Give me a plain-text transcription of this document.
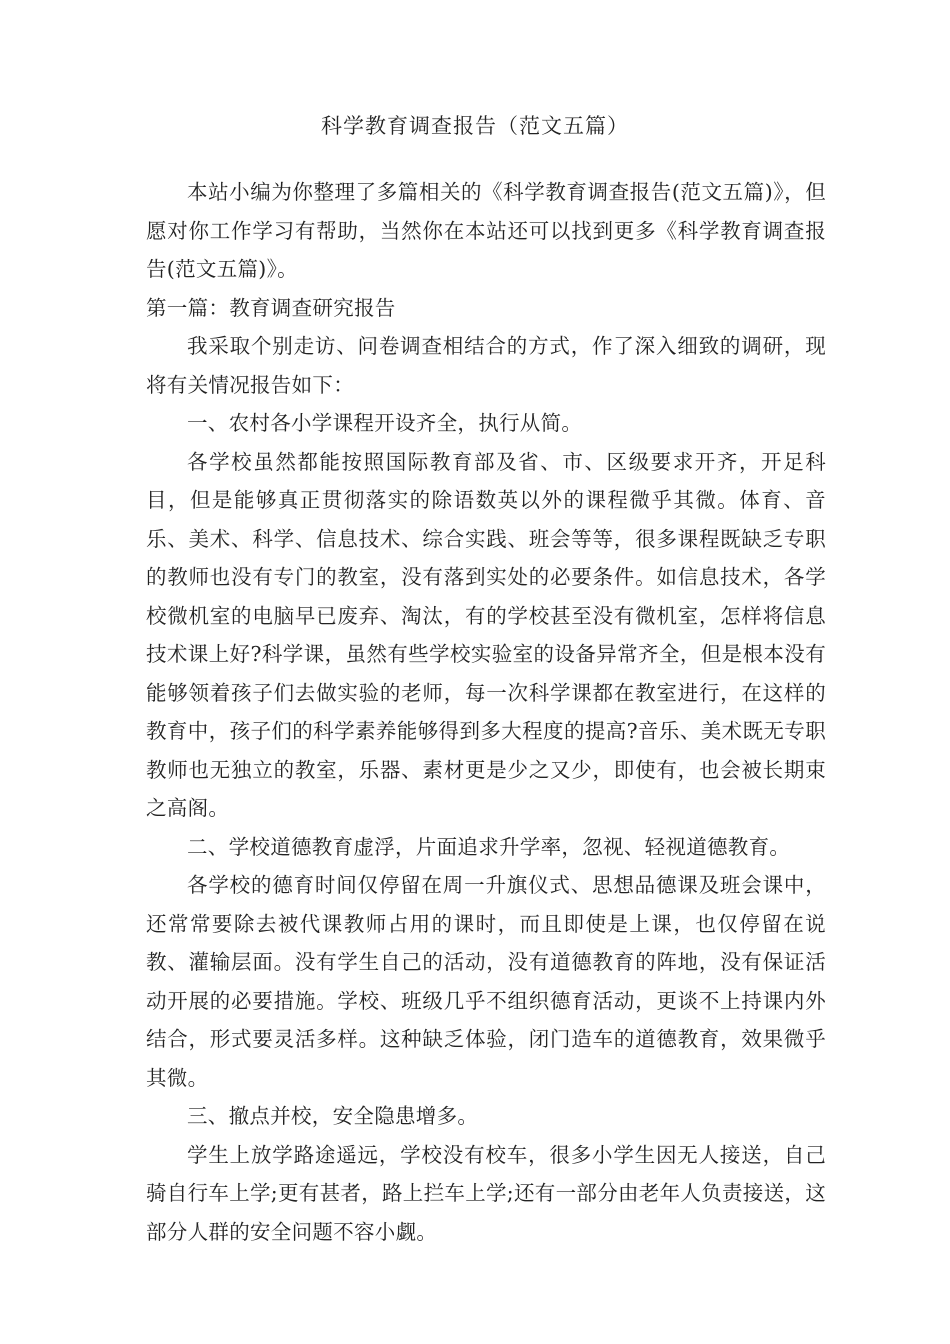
科学教育调查报告（范文五篇）

本站小编为你整理了多篇相关的《科学教育调查报告(范文五篇)》，但愿对你工作学习有帮助，当然你在本站还可以找到更多《科学教育调查报告(范文五篇)》。

第一篇：教育调查研究报告

我采取个别走访、问卷调查相结合的方式，作了深入细致的调研，现将有关情况报告如下：

一、农村各小学课程开设齐全，执行从简。

各学校虽然都能按照国际教育部及省、市、区级要求开齐，开足科目，但是能够真正贯彻落实的除语数英以外的课程微乎其微。体育、音乐、美术、科学、信息技术、综合实践、班会等等，很多课程既缺乏专职的教师也没有专门的教室，没有落到实处的必要条件。如信息技术，各学校微机室的电脑早已废弃、淘汰，有的学校甚至没有微机室，怎样将信息技术课上好?科学课，虽然有些学校实验室的设备异常齐全，但是根本没有能够领着孩子们去做实验的老师，每一次科学课都在教室进行，在这样的教育中，孩子们的科学素养能够得到多大程度的提高?音乐、美术既无专职教师也无独立的教室，乐器、素材更是少之又少，即使有，也会被长期束之高阁。

二、学校道德教育虚浮，片面追求升学率，忽视、轻视道德教育。

各学校的德育时间仅停留在周一升旗仪式、思想品德课及班会课中，还常常要除去被代课教师占用的课时，而且即使是上课，也仅停留在说教、灌输层面。没有学生自己的活动，没有道德教育的阵地，没有保证活动开展的必要措施。学校、班级几乎不组织德育活动，更谈不上持课内外结合，形式要灵活多样。这种缺乏体验，闭门造车的道德教育，效果微乎其微。

三、撤点并校，安全隐患增多。

学生上放学路途遥远，学校没有校车，很多小学生因无人接送，自己骑自行车上学;更有甚者，路上拦车上学;还有一部分由老年人负责接送，这部分人群的安全问题不容小觑。
